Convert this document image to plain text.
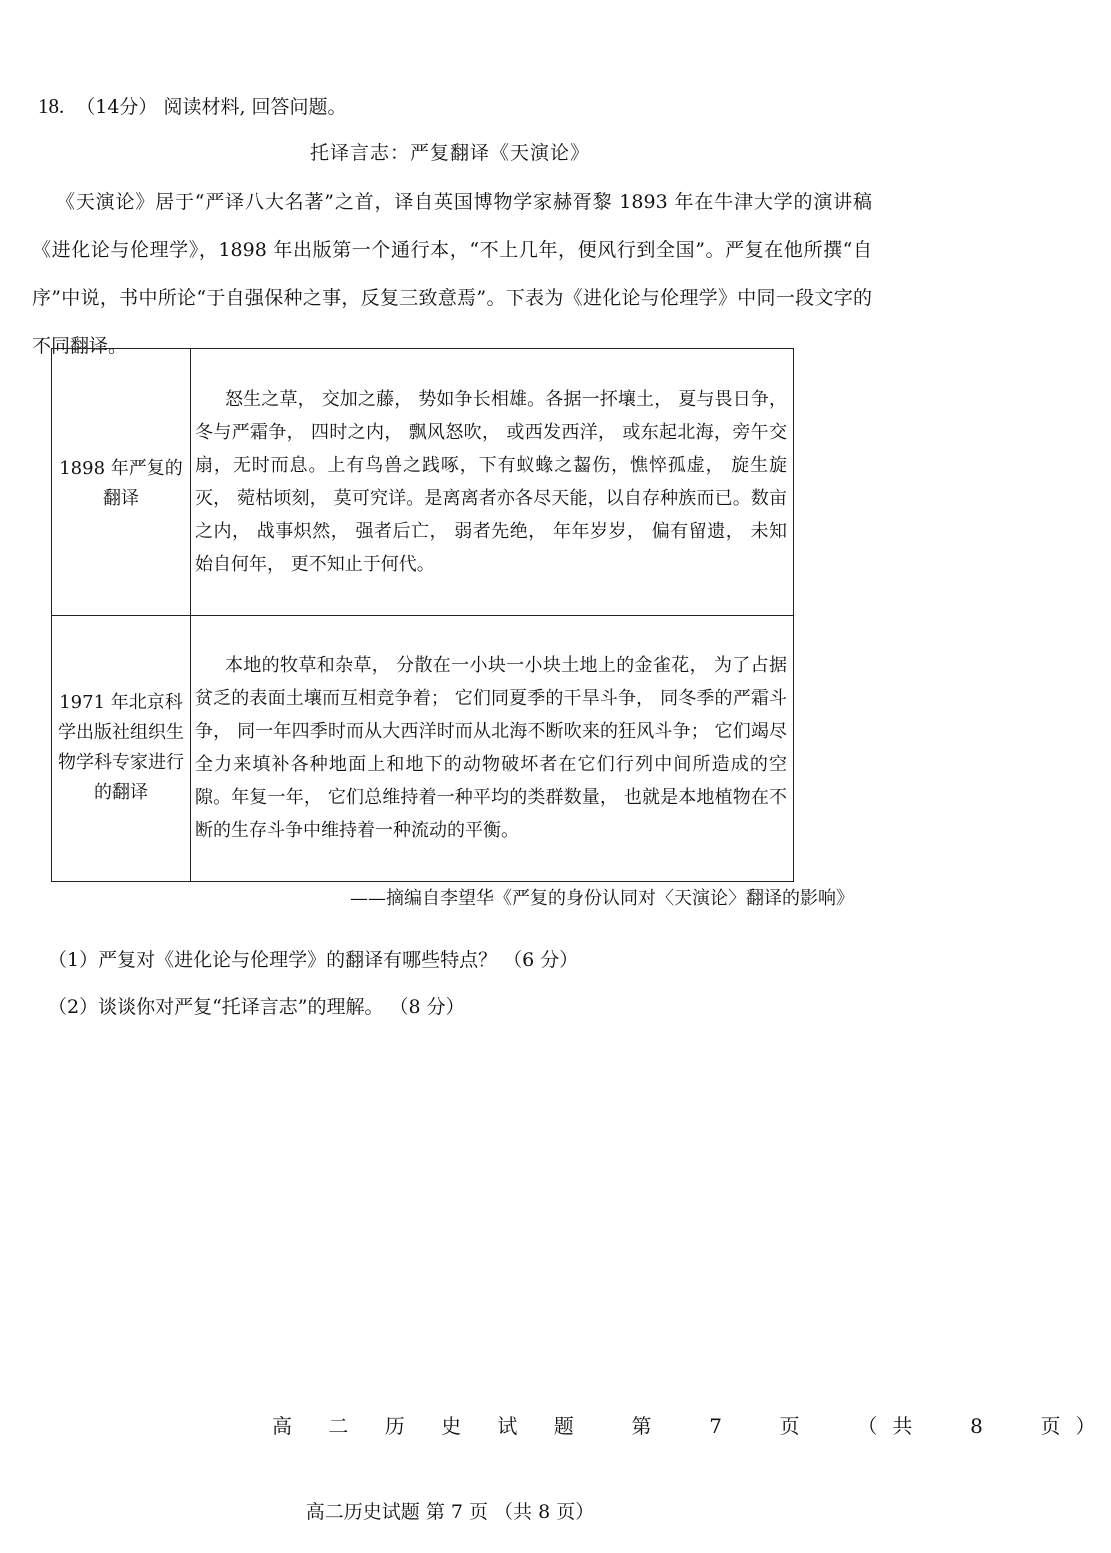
18. （14分） 阅读材料, 回答问题。
托译言志：严复翻译《天演论》

《天演论》居于“严译八大名著”之首，译自英国博物学家赫胥黎 1893 年在牛津大学的演讲稿《进化论与伦理学》，1898 年出版第一个通行本，“不上几年，便风行到全国”。严复在他所撰“自序”中说，书中所论“于自强保种之事，反复三致意焉”。下表为《进化论与伦理学》中同一段文字的不同翻译。

1898 年严复的翻译	怒生之草， 交加之藤， 势如争长相雄。各据一抔壤土， 夏与畏日争， 冬与严霜争， 四时之内， 飘风怒吹， 或西发西洋， 或东起北海，旁午交扇，无时而息。上有鸟兽之践啄，下有蚁蝝之齧伤，憔悴孤虚， 旋生旋灭， 菀枯顷刻， 莫可究详。是离离者亦各尽天能，以自存种族而已。数亩之内， 战事炽然， 强者后亡， 弱者先绝， 年年岁岁， 偏有留遗， 未知始自何年， 更不知止于何代。

1971 年北京科学出版社组织生物学科专家进行的翻译	本地的牧草和杂草， 分散在一小块一小块土地上的金雀花， 为了占据贫乏的表面土壤而互相竞争着； 它们同夏季的干旱斗争， 同冬季的严霜斗争， 同一年四季时而从大西洋时而从北海不断吹来的狂风斗争； 它们竭尽全力来填补各种地面上和地下的动物破坏者在它们行列中间所造成的空隙。年复一年， 它们总维持着一种平均的类群数量， 也就是本地植物在不断的生存斗争中维持着一种流动的平衡。

——摘编自李望华《严复的身份认同对〈天演论〉翻译的影响》
（1）严复对《进化论与伦理学》的翻译有哪些特点？ （6 分）
（2）谈谈你对严复“托译言志”的理解。 （8 分）
高 二 历 史 试 题  第  7  页  （共  8  页）
高二历史试题 第 7 页 （共 8 页）
